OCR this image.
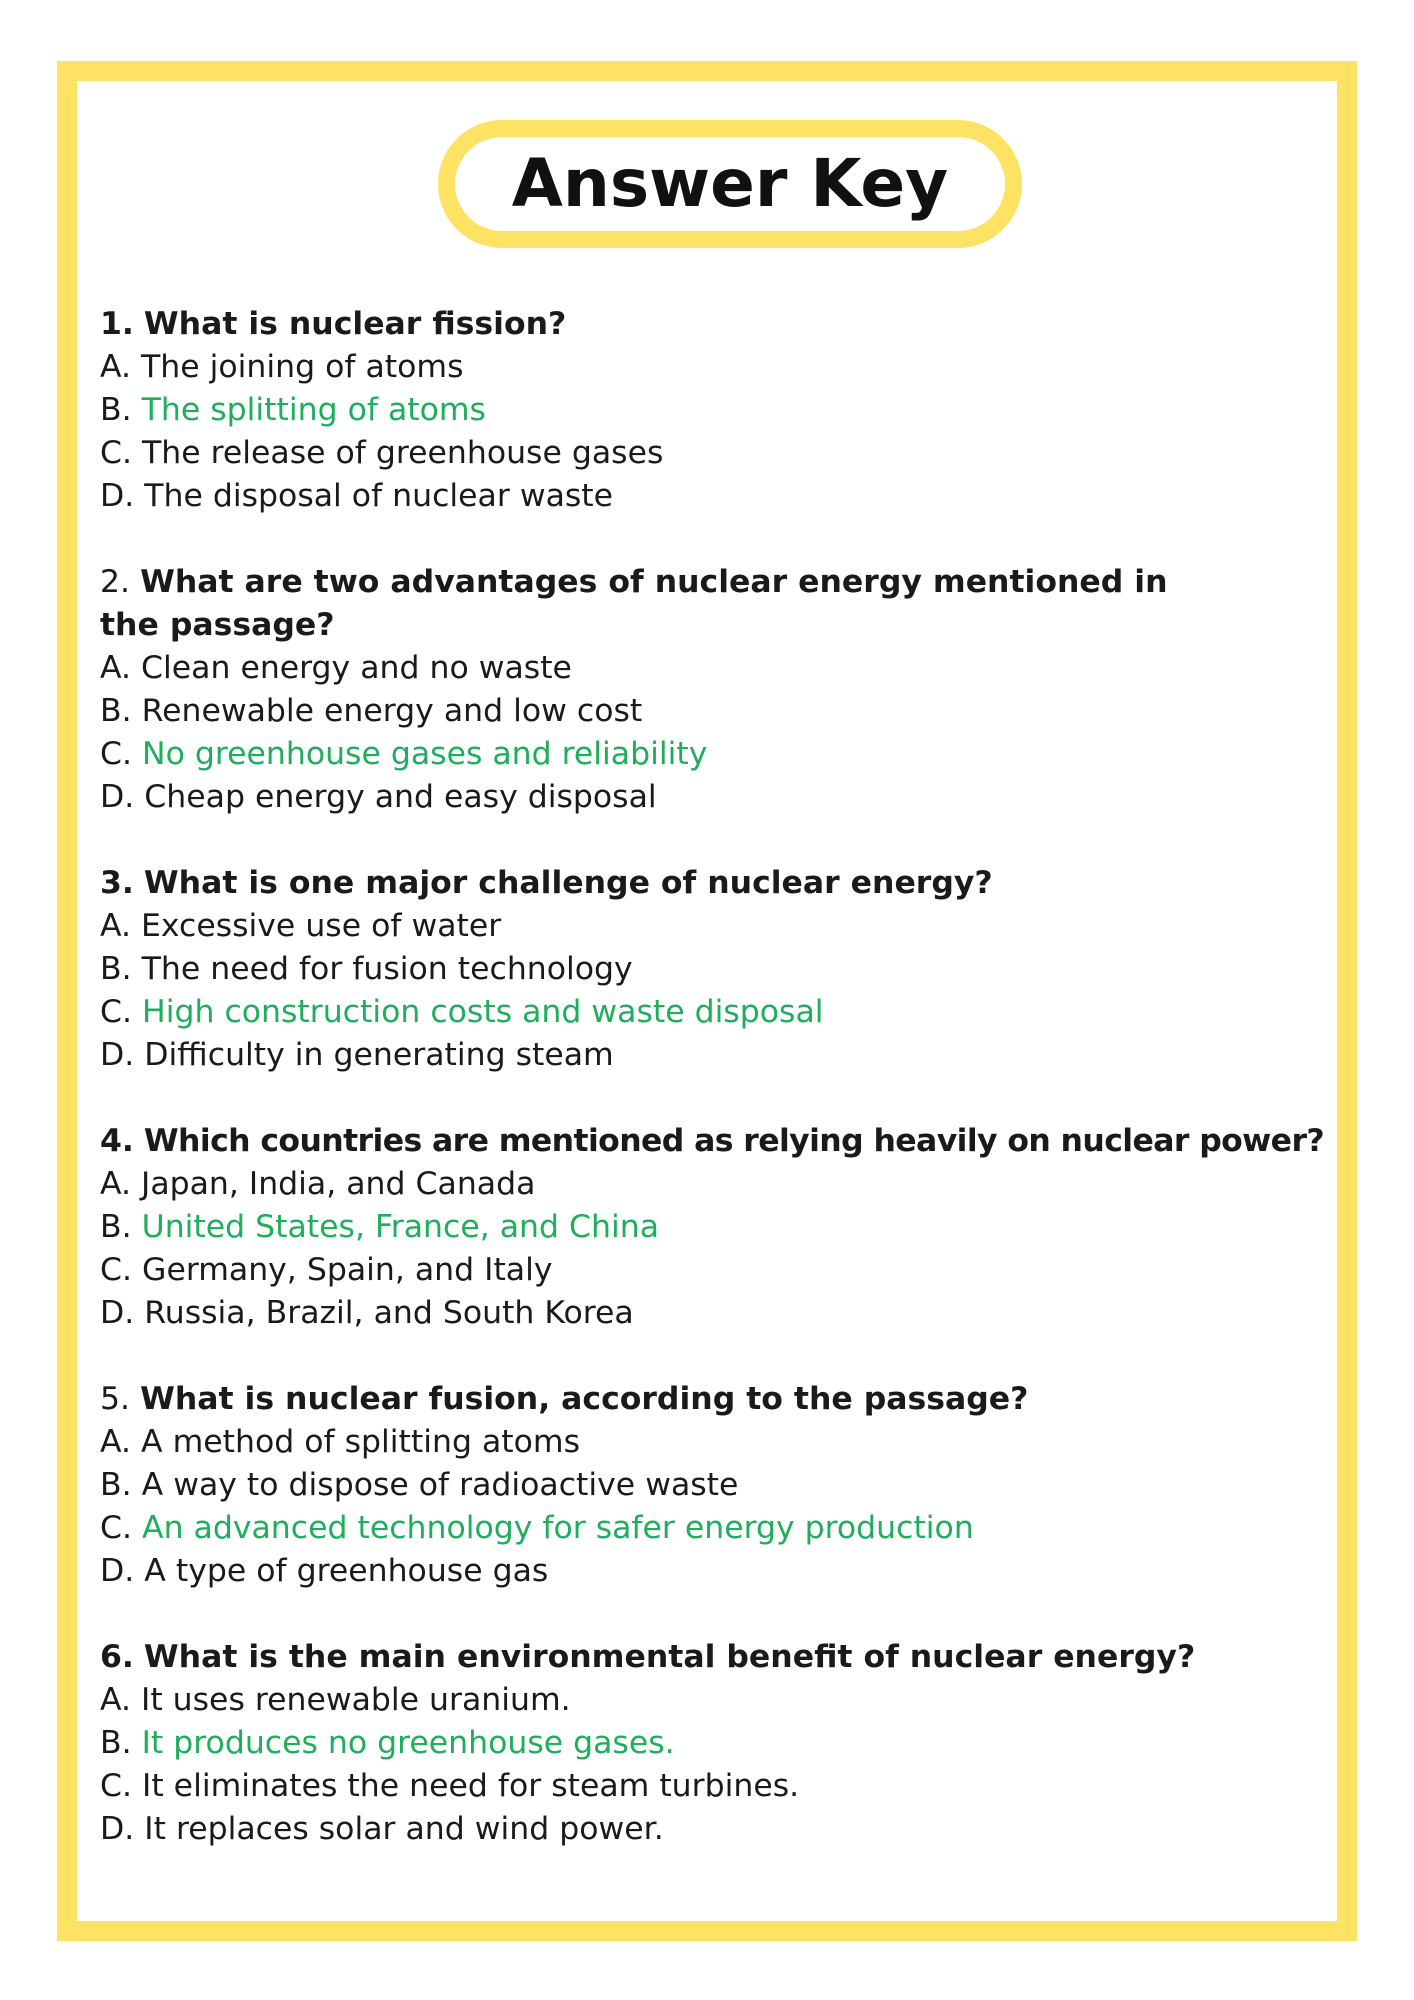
Answer Key
1. What is nuclear fission?
A. The joining of atoms
B. The splitting of atoms
C. The release of greenhouse gases
D. The disposal of nuclear waste
2. What are two advantages of nuclear energy mentioned in the passage?
A. Clean energy and no waste
B. Renewable energy and low cost
C. No greenhouse gases and reliability
D. Cheap energy and easy disposal
3. What is one major challenge of nuclear energy?
A. Excessive use of water
B. The need for fusion technology
C. High construction costs and waste disposal
D. Difficulty in generating steam
4. Which countries are mentioned as relying heavily on nuclear power?
A. Japan, India, and Canada
B. United States, France, and China
C. Germany, Spain, and Italy
D. Russia, Brazil, and South Korea
5. What is nuclear fusion, according to the passage?
A. A method of splitting atoms
B. A way to dispose of radioactive waste
C. An advanced technology for safer energy production
D. A type of greenhouse gas
6. What is the main environmental benefit of nuclear energy?
A. It uses renewable uranium.
B. It produces no greenhouse gases.
C. It eliminates the need for steam turbines.
D. It replaces solar and wind power.
